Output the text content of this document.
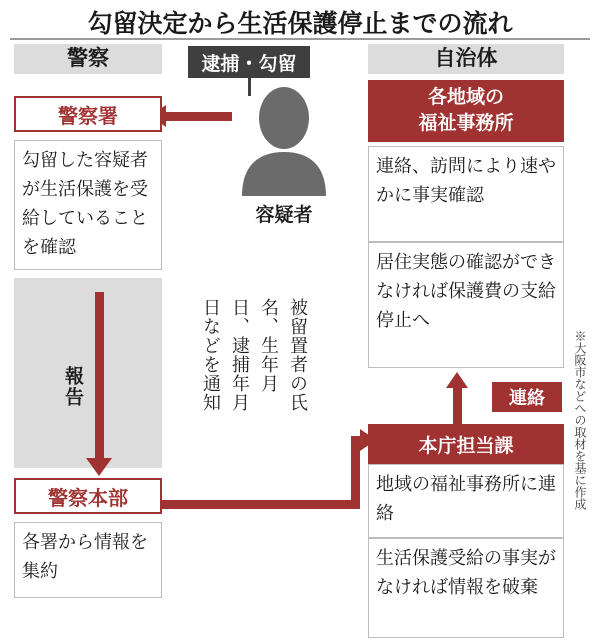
勾留決定から生活保護停止までの流れ
警察	自治体
逮捕・勾留
容疑者
警察署
勾留した容疑者が生活保護を受給していることを確認
報告
警察本部
各署から情報を集約
被留置者の氏名、生年月日、逮捕年月日などを通知
各地域の
福祉事務所
連絡、訪問により速やかに事実確認
居住実態の確認ができなければ保護費の支給停止へ
連絡
本庁担当課
地域の福祉事務所に連絡
生活保護受給の事実がなければ情報を破棄
※大阪市などへの取材を基に作成
